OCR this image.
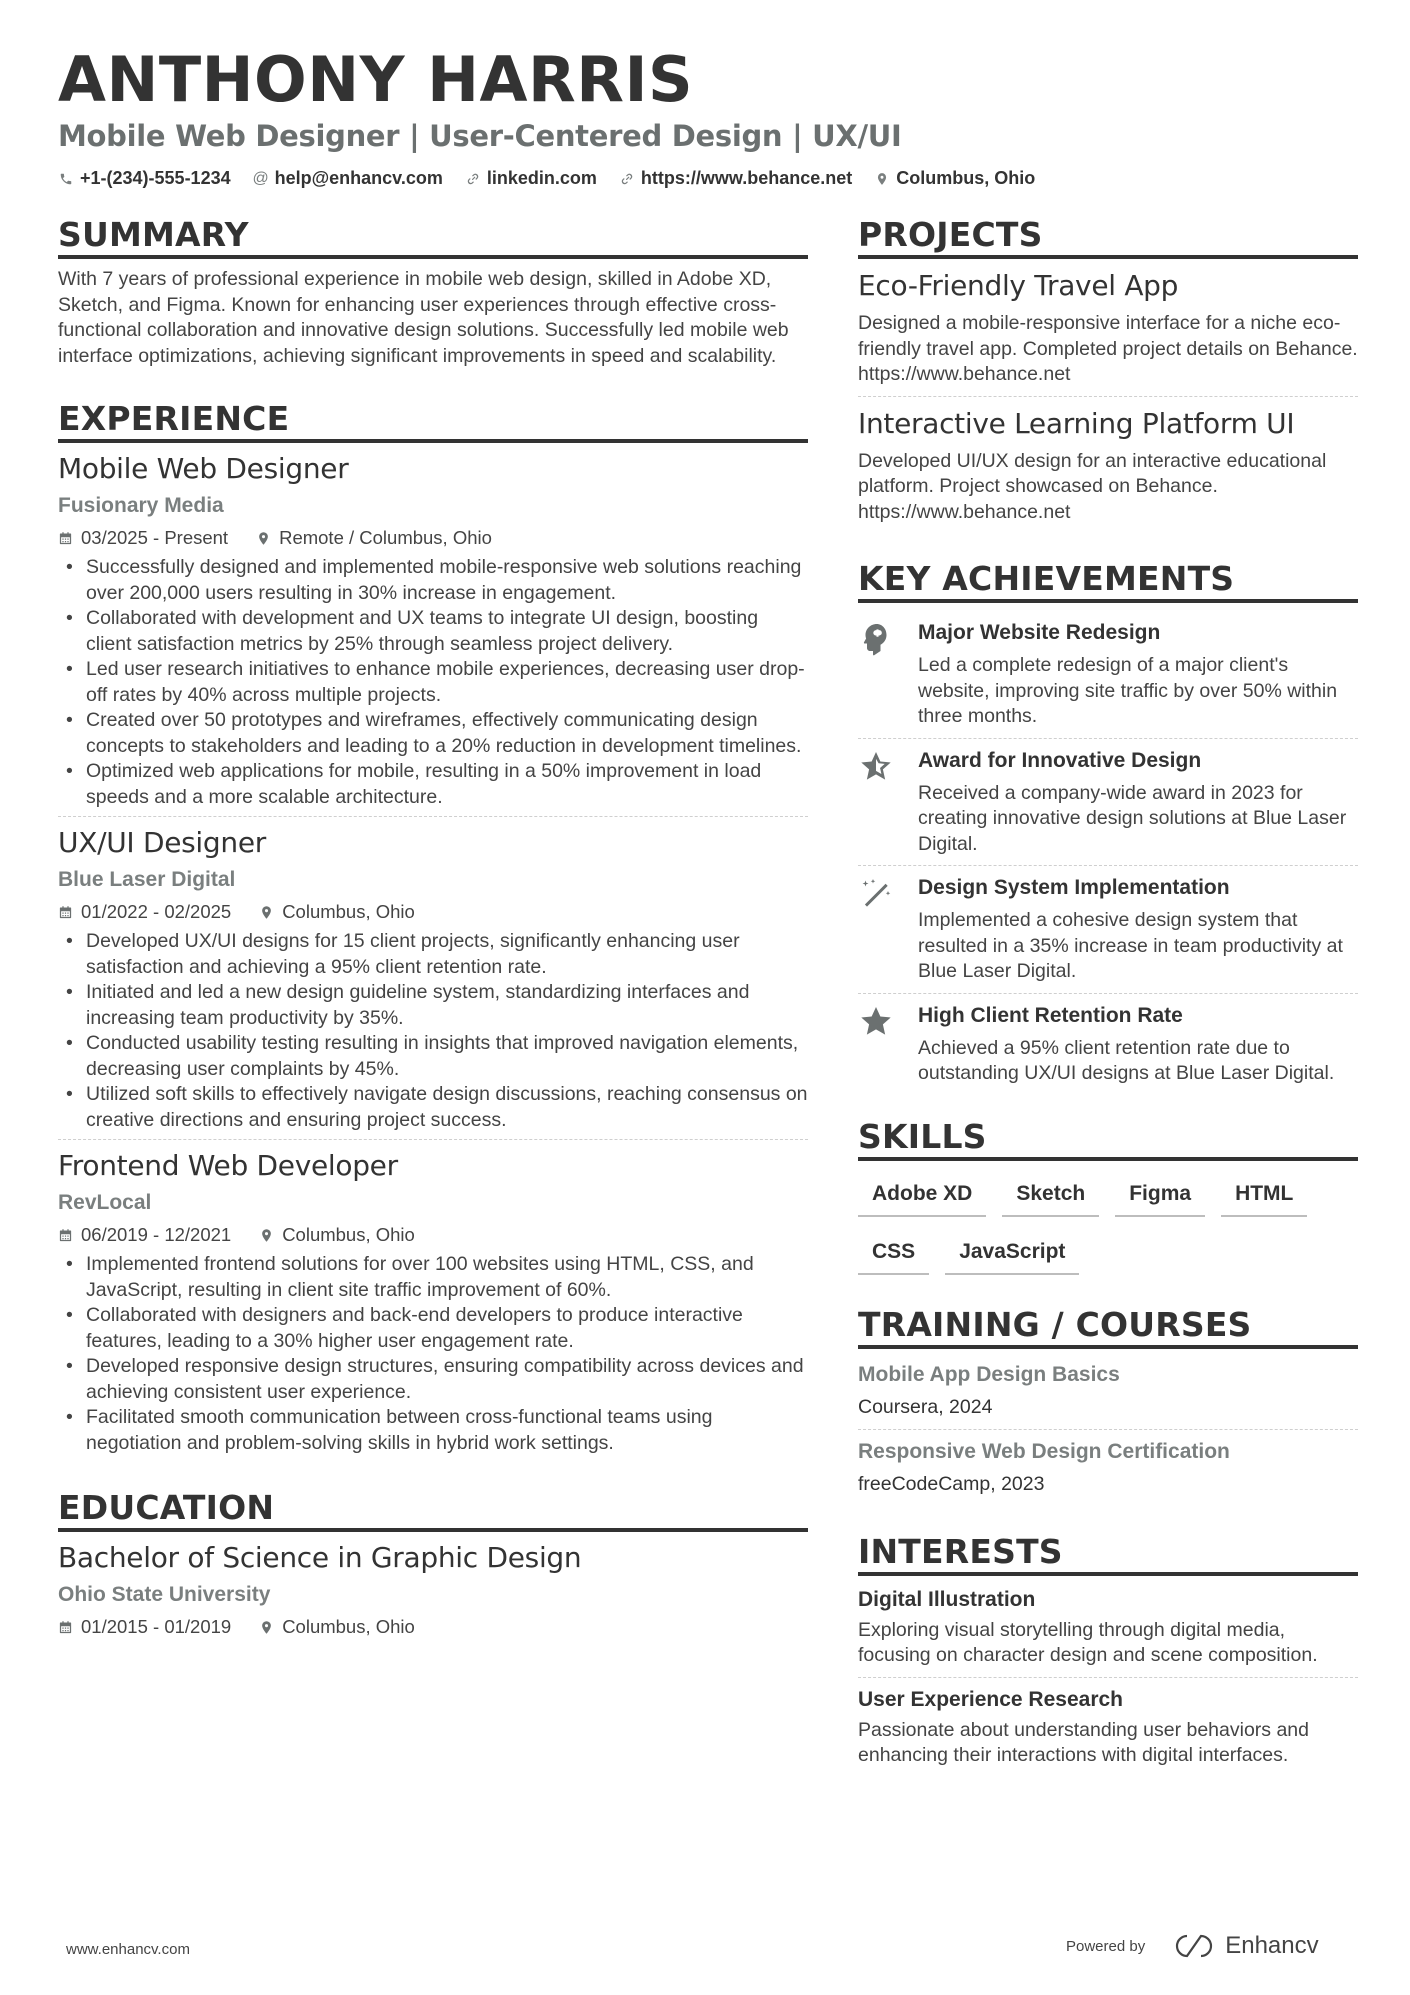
ANTHONY HARRIS
Mobile Web Designer | User-Centered Design | UX/UI
+1-(234)-555-1234 @ help@enhancv.com linkedin.com https://www.behance.net Columbus, Ohio
SUMMARY
With 7 years of professional experience in mobile web design, skilled in Adobe XD, Sketch, and Figma. Known for enhancing user experiences through effective cross-functional collaboration and innovative design solutions. Successfully led mobile web interface optimizations, achieving significant improvements in speed and scalability.
EXPERIENCE
Mobile Web Designer
Fusionary Media
03/2025 - Present	Remote / Columbus, Ohio
• Successfully designed and implemented mobile-responsive web solutions reaching over 200,000 users resulting in 30% increase in engagement.
• Collaborated with development and UX teams to integrate UI design, boosting client satisfaction metrics by 25% through seamless project delivery.
• Led user research initiatives to enhance mobile experiences, decreasing user drop-off rates by 40% across multiple projects.
• Created over 50 prototypes and wireframes, effectively communicating design concepts to stakeholders and leading to a 20% reduction in development timelines.
• Optimized web applications for mobile, resulting in a 50% improvement in load speeds and a more scalable architecture.
UX/UI Designer
Blue Laser Digital
01/2022 - 02/2025	Columbus, Ohio
• Developed UX/UI designs for 15 client projects, significantly enhancing user satisfaction and achieving a 95% client retention rate.
• Initiated and led a new design guideline system, standardizing interfaces and increasing team productivity by 35%.
• Conducted usability testing resulting in insights that improved navigation elements, decreasing user complaints by 45%.
• Utilized soft skills to effectively navigate design discussions, reaching consensus on creative directions and ensuring project success.
Frontend Web Developer
RevLocal
06/2019 - 12/2021	Columbus, Ohio
• Implemented frontend solutions for over 100 websites using HTML, CSS, and JavaScript, resulting in client site traffic improvement of 60%.
• Collaborated with designers and back-end developers to produce interactive features, leading to a 30% higher user engagement rate.
• Developed responsive design structures, ensuring compatibility across devices and achieving consistent user experience.
• Facilitated smooth communication between cross-functional teams using negotiation and problem-solving skills in hybrid work settings.
EDUCATION
Bachelor of Science in Graphic Design
Ohio State University
01/2015 - 01/2019	Columbus, Ohio
PROJECTS
Eco-Friendly Travel App
Designed a mobile-responsive interface for a niche eco-friendly travel app. Completed project details on Behance. https://www.behance.net
Interactive Learning Platform UI
Developed UI/UX design for an interactive educational platform. Project showcased on Behance. https://www.behance.net
KEY ACHIEVEMENTS
Major Website Redesign
Led a complete redesign of a major client's website, improving site traffic by over 50% within three months.
Award for Innovative Design
Received a company-wide award in 2023 for creating innovative design solutions at Blue Laser Digital.
Design System Implementation
Implemented a cohesive design system that resulted in a 35% increase in team productivity at Blue Laser Digital.
High Client Retention Rate
Achieved a 95% client retention rate due to outstanding UX/UI designs at Blue Laser Digital.
SKILLS
Adobe XD	Sketch	Figma	HTML
CSS	JavaScript
TRAINING / COURSES
Mobile App Design Basics
Coursera, 2024
Responsive Web Design Certification
freeCodeCamp, 2023
INTERESTS
Digital Illustration
Exploring visual storytelling through digital media, focusing on character design and scene composition.
User Experience Research
Passionate about understanding user behaviors and enhancing their interactions with digital interfaces.
www.enhancv.com	Powered by	Enhancv
